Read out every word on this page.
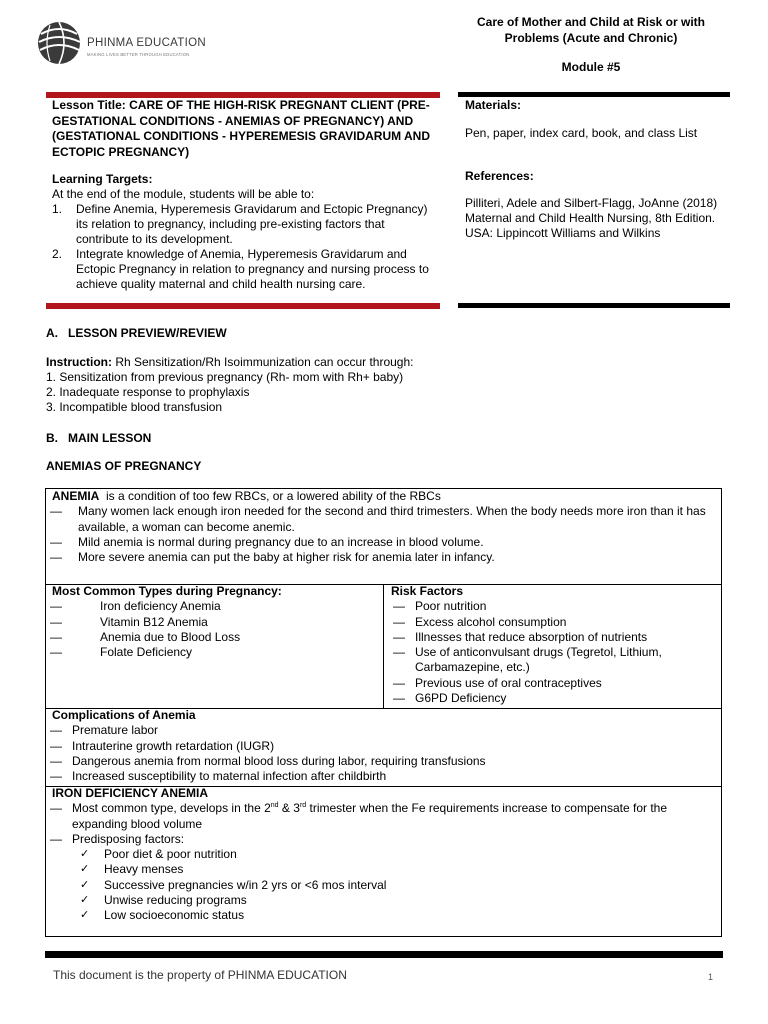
PHINMA EDUCATION
MAKING LIVES BETTER THROUGH EDUCATION
Care of Mother and Child at Risk or with Problems (Acute and Chronic)
Module #5
Lesson Title: CARE OF THE HIGH-RISK PREGNANT CLIENT (PRE-GESTATIONAL CONDITIONS - ANEMIAS OF PREGNANCY) AND (GESTATIONAL CONDITIONS - HYPEREMESIS GRAVIDARUM AND ECTOPIC PREGNANCY)
Learning Targets:
At the end of the module, students will be able to:
1. Define Anemia, Hyperemesis Gravidarum and Ectopic Pregnancy) its relation to pregnancy, including pre-existing factors that contribute to its development.
2. Integrate knowledge of Anemia, Hyperemesis Gravidarum and Ectopic Pregnancy in relation to pregnancy and nursing process to achieve quality maternal and child health nursing care.
Materials:
Pen, paper, index card, book, and class List
References:
Pilliteri, Adele and Silbert-Flagg, JoAnne (2018) Maternal and Child Health Nursing, 8th Edition. USA: Lippincott Williams and Wilkins
A.   LESSON PREVIEW/REVIEW
Instruction: Rh Sensitization/Rh Isoimmunization can occur through:
1. Sensitization from previous pregnancy (Rh- mom with Rh+ baby)
2. Inadequate response to prophylaxis
3. Incompatible blood transfusion
B.   MAIN LESSON
ANEMIAS OF PREGNANCY
ANEMIA  is a condition of too few RBCs, or a lowered ability of the RBCs
— Many women lack enough iron needed for the second and third trimesters. When the body needs more iron than it has available, a woman can become anemic.
— Mild anemia is normal during pregnancy due to an increase in blood volume.
— More severe anemia can put the baby at higher risk for anemia later in infancy.
Most Common Types during Pregnancy:
— Iron deficiency Anemia
— Vitamin B12 Anemia
— Anemia due to Blood Loss
— Folate Deficiency
Risk Factors
— Poor nutrition
— Excess alcohol consumption
— Illnesses that reduce absorption of nutrients
— Use of anticonvulsant drugs (Tegretol, Lithium, Carbamazepine, etc.)
— Previous use of oral contraceptives
— G6PD Deficiency
Complications of Anemia
— Premature labor
— Intrauterine growth retardation (IUGR)
— Dangerous anemia from normal blood loss during labor, requiring transfusions
— Increased susceptibility to maternal infection after childbirth
IRON DEFICIENCY ANEMIA
— Most common type, develops in the 2nd & 3rd trimester when the Fe requirements increase to compensate for the expanding blood volume
— Predisposing factors:
✓ Poor diet & poor nutrition
✓ Heavy menses
✓ Successive pregnancies w/in 2 yrs or <6 mos interval
✓ Unwise reducing programs
✓ Low socioeconomic status
This document is the property of PHINMA EDUCATION	1
